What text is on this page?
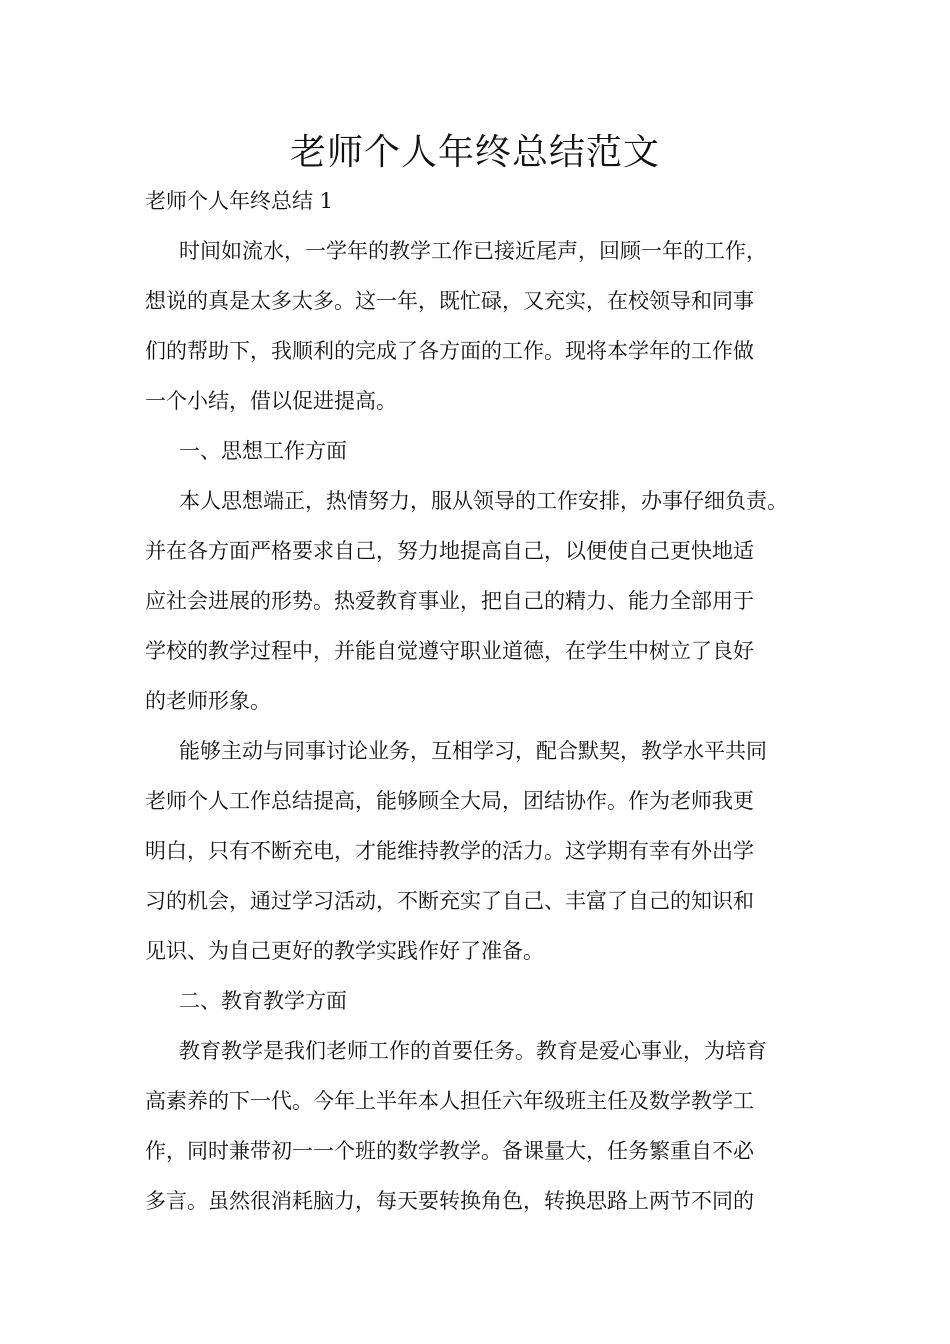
老师个人年终总结范文
老师个人年终总结 1
时间如流水，一学年的教学工作已接近尾声，回顾一年的工作，
想说的真是太多太多。这一年，既忙碌，又充实，在校领导和同事
们的帮助下，我顺利的完成了各方面的工作。现将本学年的工作做
一个小结，借以促进提高。
一、思想工作方面
本人思想端正，热情努力，服从领导的工作安排，办事仔细负责。
并在各方面严格要求自己，努力地提高自己，以便使自己更快地适
应社会进展的形势。热爱教育事业，把自己的精力、能力全部用于
学校的教学过程中，并能自觉遵守职业道德，在学生中树立了良好
的老师形象。
能够主动与同事讨论业务，互相学习，配合默契，教学水平共同
老师个人工作总结提高，能够顾全大局，团结协作。作为老师我更
明白，只有不断充电，才能维持教学的活力。这学期有幸有外出学
习的机会，通过学习活动，不断充实了自己、丰富了自己的知识和
见识、为自己更好的教学实践作好了准备。
二、教育教学方面
教育教学是我们老师工作的首要任务。教育是爱心事业，为培育
高素养的下一代。今年上半年本人担任六年级班主任及数学教学工
作，同时兼带初一一个班的数学教学。备课量大，任务繁重自不必
多言。虽然很消耗脑力，每天要转换角色，转换思路上两节不同的
